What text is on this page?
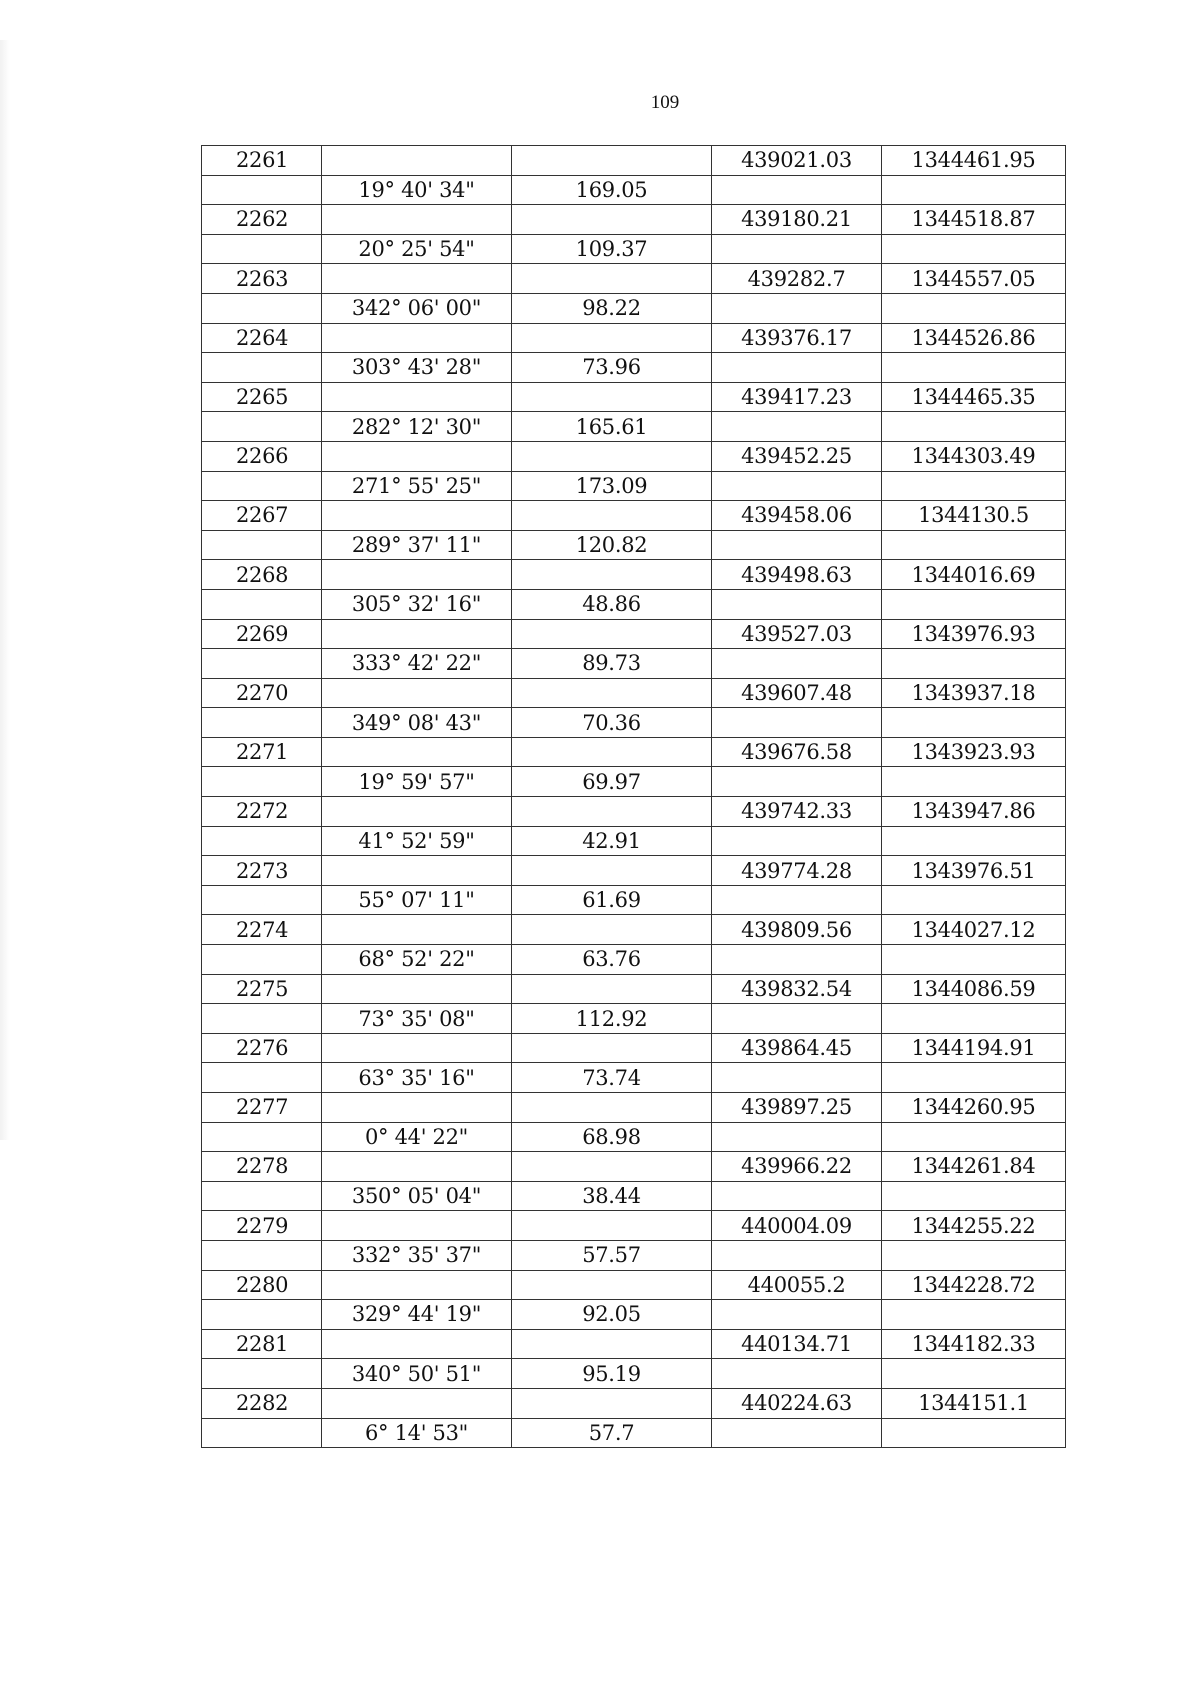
109
2261			439021.03	1344461.95
	19° 40' 34"	169.05		
2262			439180.21	1344518.87
	20° 25' 54"	109.37		
2263			439282.7	1344557.05
	342° 06' 00"	98.22		
2264			439376.17	1344526.86
	303° 43' 28"	73.96		
2265			439417.23	1344465.35
	282° 12' 30"	165.61		
2266			439452.25	1344303.49
	271° 55' 25"	173.09		
2267			439458.06	1344130.5
	289° 37' 11"	120.82		
2268			439498.63	1344016.69
	305° 32' 16"	48.86		
2269			439527.03	1343976.93
	333° 42' 22"	89.73		
2270			439607.48	1343937.18
	349° 08' 43"	70.36		
2271			439676.58	1343923.93
	19° 59' 57"	69.97		
2272			439742.33	1343947.86
	41° 52' 59"	42.91		
2273			439774.28	1343976.51
	55° 07' 11"	61.69		
2274			439809.56	1344027.12
	68° 52' 22"	63.76		
2275			439832.54	1344086.59
	73° 35' 08"	112.92		
2276			439864.45	1344194.91
	63° 35' 16"	73.74		
2277			439897.25	1344260.95
	0° 44' 22"	68.98		
2278			439966.22	1344261.84
	350° 05' 04"	38.44		
2279			440004.09	1344255.22
	332° 35' 37"	57.57		
2280			440055.2	1344228.72
	329° 44' 19"	92.05		
2281			440134.71	1344182.33
	340° 50' 51"	95.19		
2282			440224.63	1344151.1
	6° 14' 53"	57.7		
